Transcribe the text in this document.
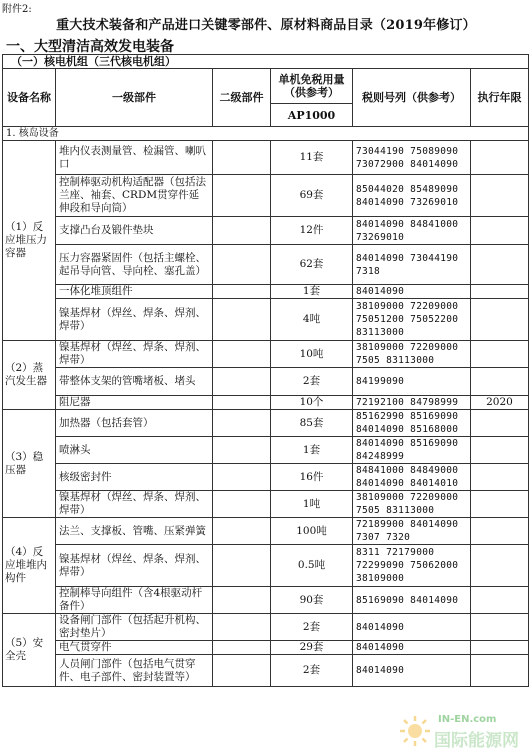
附件2:
重大技术装备和产品进口关键零部件、原材料商品目录（2019年修订）
一、大型清洁高效发电装备
（一）核电机组（三代核电机组）					
设备名称	一级部件	二级部件	单机免税用量（供参考）	税则号列（供参考）	执行年限
			AP1000		
1. 核岛设备					
（1）反应堆压力容器	堆内仪表测量管、检漏管、喇叭口		11套	73044190 75089090 73072900 84014090	
	控制棒驱动机构适配器（包括法兰座、袖套、CRDM贯穿件延伸段和导向筒）		69套	85044020 85489090 84014090 73269010	
	支撑凸台及锻件垫块		12件	84014090 84841000 73269010	
	压力容器紧固件（包括主螺栓、 起吊导向管、导向栓、塞孔盖）		62套	84014090 73044190 7318	
	一体化堆顶组件		1套	84014090	
	镍基焊材（焊丝、焊条、焊剂、焊带）		4吨	38109000 72209000 75051200 75052200 83113000	
（2）蒸汽发生器	镍基焊材（焊丝、焊条、焊剂、焊带）		10吨	38109000 72209000 7505 83113000	
	带整体支架的管嘴堵板、堵头		2套	84199090	
	阻尼器		10个	72192100 84798999	2020
（3）稳压器	加热器（包括套管）		85套	85162990 85169090 84014090 85168000	
	喷淋头		1套	84014090 85169090 84248999	
	核级密封件		16件	84841000 84849000 84014090 84014010	
	镍基焊材（焊丝、焊条、焊剂、焊带）		1吨	38109000 72209000 7505 83113000	
（4）反应堆堆内构件	法兰、支撑板、管嘴、压紧弹簧		100吨	72189900 84014090 7307 7320	
	镍基焊材（焊丝、焊条、焊剂、焊带）		0.5吨	8311 72179000 72299090 75062000 38109000	
	控制棒导向组件（含4根驱动杆备件）		90套	85169090 84014090	
（5）安全壳	设备闸门部件（包括起升机构、密封垫片）		2套	84014090	
	电气贯穿件		29套	84014090	
	人员闸门部件（包括电气贯穿件、电子部件、密封装置等）		2套	84014090	
IN-EN.com
国际能源网
